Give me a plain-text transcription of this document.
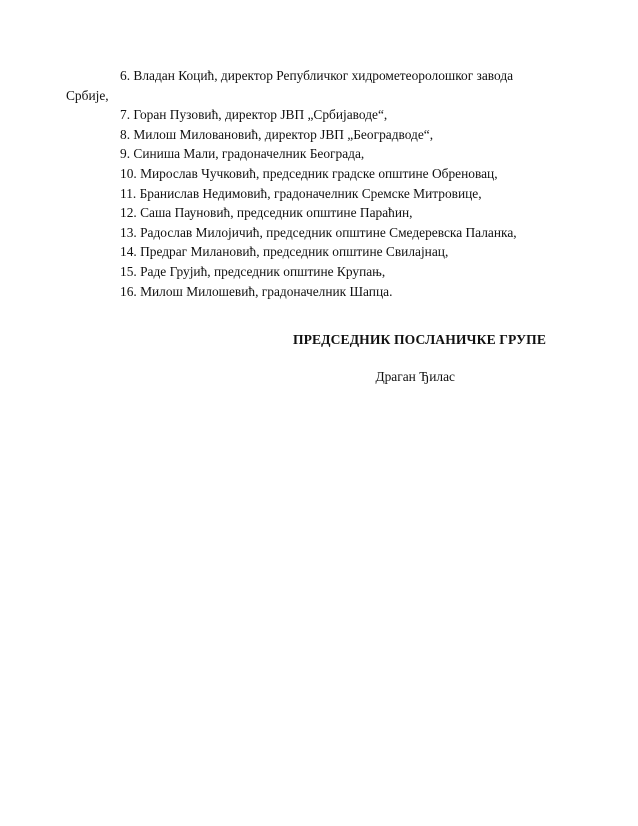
6. Владан Коцић, директор Републичког хидрометеоролошког завода
Србије,
7. Горан Пузовић, директор ЈВП „Србијаводе“,
8. Милош Миловановић, директор ЈВП „Београдводе“,
9. Синиша Мали, градоначелник Београда,
10. Мирослав Чучковић, председник градске општине Обреновац,
11. Бранислав Недимовић, градоначелник Сремске Митровице,
12. Саша Пауновић, председник општине Параћин,
13. Радослав Милојичић, председник општине Смедеревска Паланка,
14. Предраг Милановић, председник општине Свилајнац,
15. Раде Грујић, председник општине Крупањ,
16. Милош Милошевић, градоначелник Шапца.
ПРЕДСЕДНИК ПОСЛАНИЧКЕ ГРУПЕ
Драган Ђилас
